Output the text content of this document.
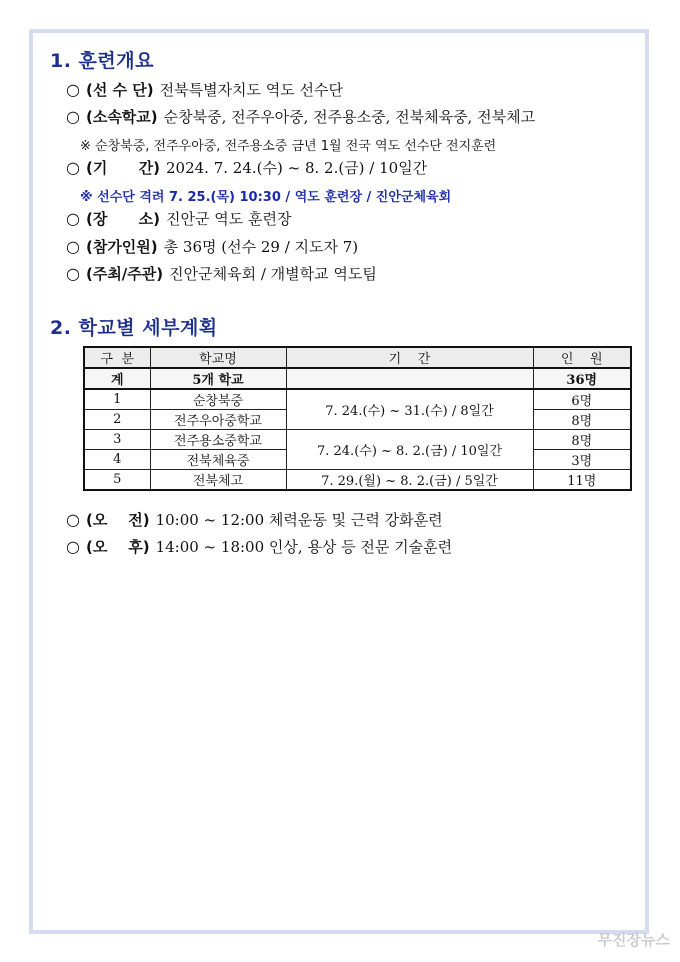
1. 훈련개요
○ (선 수 단) 전북특별자치도 역도 선수단
○ (소속학교) 순창북중, 전주우아중, 전주용소중, 전북체육중, 전북체고
※ 순창북중, 전주우아중, 전주용소중 금년 1월 전국 역도 선수단 전지훈련
○ (기      간) 2024. 7. 24.(수) ~ 8. 2.(금) / 10일간
※ 선수단 격려 7. 25.(목) 10:30 / 역도 훈련장 / 진안군체육회
○ (장      소) 진안군 역도 훈련장
○ (참가인원) 총 36명 (선수 29 / 지도자 7)
○ (주최/주관) 진안군체육회 / 개별학교 역도팀
2. 학교별 세부계획
구  분	학교명	기    간	인    원
계	5개 학교		36명
1	순창북중	7. 24.(수) ~ 31.(수) / 8일간	6명
2	전주우아중학교		8명
3	전주용소중학교	7. 24.(수) ~ 8. 2.(금) / 10일간	8명
4	전북체육중		3명
5	전북체고	7. 29.(월) ~ 8. 2.(금) / 5일간	11명
○ (오    전) 10:00 ~ 12:00 체력운동 및 근력 강화훈련
○ (오    후) 14:00 ~ 18:00 인상, 용상 등 전문 기술훈련
무진장뉴스
